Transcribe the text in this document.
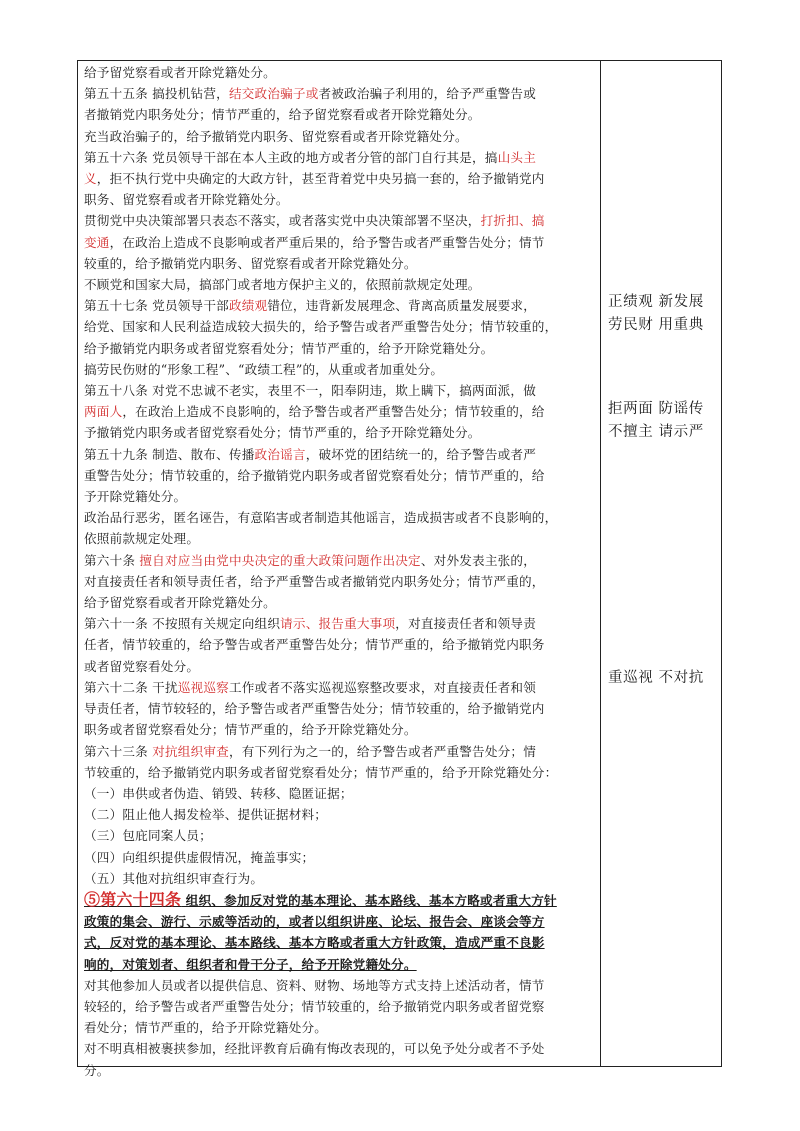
给予留党察看或者开除党籍处分。

第五十五条 搞投机钻营，结交政治骗子或者被政治骗子利用的，给予严重警告或
者撤销党内职务处分；情节严重的，给予留党察看或者开除党籍处分。

充当政治骗子的，给予撤销党内职务、留党察看或者开除党籍处分。

第五十六条 党员领导干部在本人主政的地方或者分管的部门自行其是，搞山头主
义，拒不执行党中央确定的大政方针，甚至背着党中央另搞一套的，给予撤销党内
职务、留党察看或者开除党籍处分。

贯彻党中央决策部署只表态不落实，或者落实党中央决策部署不坚决，打折扣、搞
变通，在政治上造成不良影响或者严重后果的，给予警告或者严重警告处分；情节
较重的，给予撤销党内职务、留党察看或者开除党籍处分。

不顾党和国家大局，搞部门或者地方保护主义的，依照前款规定处理。

第五十七条 党员领导干部政绩观错位，违背新发展理念、背离高质量发展要求，
给党、国家和人民利益造成较大损失的，给予警告或者严重警告处分；情节较重的，
给予撤销党内职务或者留党察看处分；情节严重的，给予开除党籍处分。

搞劳民伤财的“形象工程”、“政绩工程”的，从重或者加重处分。

第五十八条 对党不忠诚不老实，表里不一，阳奉阴违，欺上瞒下，搞两面派，做
两面人，在政治上造成不良影响的，给予警告或者严重警告处分；情节较重的，给
予撤销党内职务或者留党察看处分；情节严重的，给予开除党籍处分。

第五十九条 制造、散布、传播政治谣言，破坏党的团结统一的，给予警告或者严
重警告处分；情节较重的，给予撤销党内职务或者留党察看处分；情节严重的，给
予开除党籍处分。

政治品行恶劣，匿名诬告，有意陷害或者制造其他谣言，造成损害或者不良影响的，
依照前款规定处理。

第六十条 擅自对应当由党中央决定的重大政策问题作出决定、对外发表主张的，
对直接责任者和领导责任者，给予严重警告或者撤销党内职务处分；情节严重的，
给予留党察看或者开除党籍处分。

第六十一条 不按照有关规定向组织请示、报告重大事项，对直接责任者和领导责
任者，情节较重的，给予警告或者严重警告处分；情节严重的，给予撤销党内职务
或者留党察看处分。

第六十二条 干扰巡视巡察工作或者不落实巡视巡察整改要求，对直接责任者和领
导责任者，情节较轻的，给予警告或者严重警告处分；情节较重的，给予撤销党内
职务或者留党察看处分；情节严重的，给予开除党籍处分。

第六十三条 对抗组织审查，有下列行为之一的，给予警告或者严重警告处分；情
节较重的，给予撤销党内职务或者留党察看处分；情节严重的，给予开除党籍处分：

（一）串供或者伪造、销毁、转移、隐匿证据；

（二）阻止他人揭发检举、提供证据材料；

（三）包庇同案人员；

（四）向组织提供虚假情况，掩盖事实；

（五）其他对抗组织审查行为。

⑤第六十四条 组织、参加反对党的基本理论、基本路线、基本方略或者重大方针
政策的集会、游行、示威等活动的，或者以组织讲座、论坛、报告会、座谈会等方
式，反对党的基本理论、基本路线、基本方略或者重大方针政策，造成严重不良影
响的，对策划者、组织者和骨干分子，给予开除党籍处分。

对其他参加人员或者以提供信息、资料、财物、场地等方式支持上述活动者，情节
较轻的，给予警告或者严重警告处分；情节较重的，给予撤销党内职务或者留党察
看处分；情节严重的，给予开除党籍处分。

对不明真相被裹挟参加，经批评教育后确有悔改表现的，可以免予处分或者不予处
分。

正绩观 新发展
劳民财 用重典
拒两面 防谣传
不擅主 请示严
重巡视 不对抗
